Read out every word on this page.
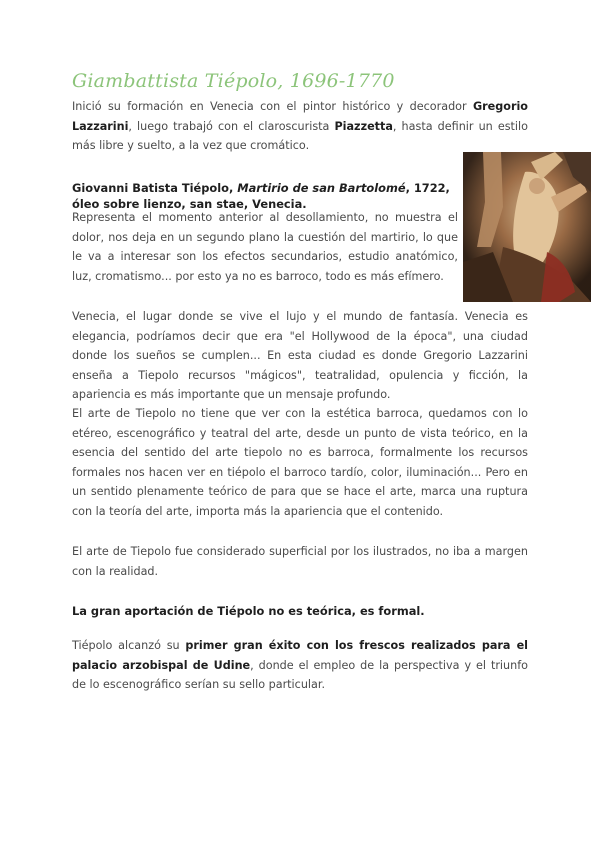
Giambattista Tiépolo, 1696-1770

Inició su formación en Venecia con el pintor histórico y decorador Gregorio Lazzarini, luego trabajó con el claroscurista Piazzetta, hasta definir un estilo más libre y suelto, a la vez que cromático.

Giovanni Batista Tiépolo, Martirio de san Bartolomé, 1722, óleo sobre lienzo, san stae, Venecia.

Representa el momento anterior al desollamiento, no muestra el dolor, nos deja en un segundo plano la cuestión del martirio, lo que le va a interesar son los efectos secundarios, estudio anatómico, luz, cromatismo... por esto ya no es barroco, todo es más efímero.

Venecia, el lugar donde se vive el lujo y el mundo de fantasía. Venecia es elegancia, podríamos decir que era "el Hollywood de la época", una ciudad donde los sueños se cumplen... En esta ciudad es donde Gregorio Lazzarini enseña a Tiepolo recursos "mágicos", teatralidad, opulencia y ficción, la apariencia es más importante que un mensaje profundo.

El arte de Tiepolo no tiene que ver con la estética barroca, quedamos con lo etéreo, escenográfico y teatral del arte, desde un punto de vista teórico, en la esencia del sentido del arte tiepolo no es barroca, formalmente los recursos formales nos hacen ver en tiépolo el barroco tardío, color, iluminación... Pero en un sentido plenamente teórico de para que se hace el arte, marca una ruptura con la teoría del arte, importa más la apariencia que el contenido.

El arte de Tiepolo fue considerado superficial por los ilustrados, no iba a margen con la realidad.

La gran aportación de Tiépolo no es teórica, es formal.

Tiépolo alcanzó su primer gran éxito con los frescos realizados para el palacio arzobispal de Udine, donde el empleo de la perspectiva y el triunfo de lo escenográfico serían su sello particular.
